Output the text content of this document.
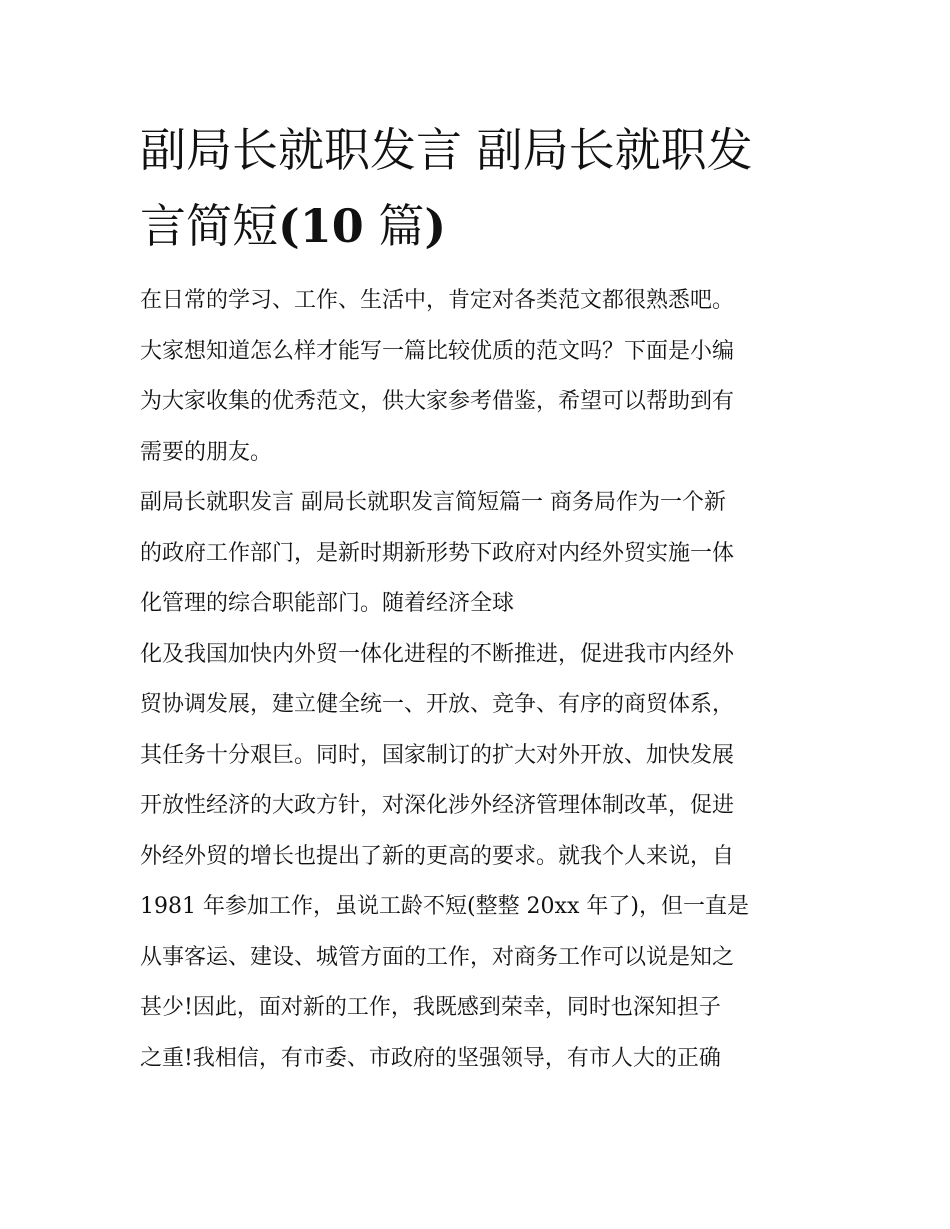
副局长就职发言 副局长就职发
言简短(10 篇)
在日常的学习、工作、生活中，肯定对各类范文都很熟悉吧。
大家想知道怎么样才能写一篇比较优质的范文吗？下面是小编
为大家收集的优秀范文，供大家参考借鉴，希望可以帮助到有
需要的朋友。
副局长就职发言 副局长就职发言简短篇一 商务局作为一个新
的政府工作部门，是新时期新形势下政府对内经外贸实施一体
化管理的综合职能部门。随着经济全球
化及我国加快内外贸一体化进程的不断推进，促进我市内经外
贸协调发展，建立健全统一、开放、竞争、有序的商贸体系，
其任务十分艰巨。同时，国家制订的扩大对外开放、加快发展
开放性经济的大政方针，对深化涉外经济管理体制改革，促进
外经外贸的增长也提出了新的更高的要求。就我个人来说，自
1981 年参加工作，虽说工龄不短(整整 20xx 年了)，但一直是
从事客运、建设、城管方面的工作，对商务工作可以说是知之
甚少!因此，面对新的工作，我既感到荣幸，同时也深知担子
之重!我相信，有市委、市政府的坚强领导，有市人大的正确
